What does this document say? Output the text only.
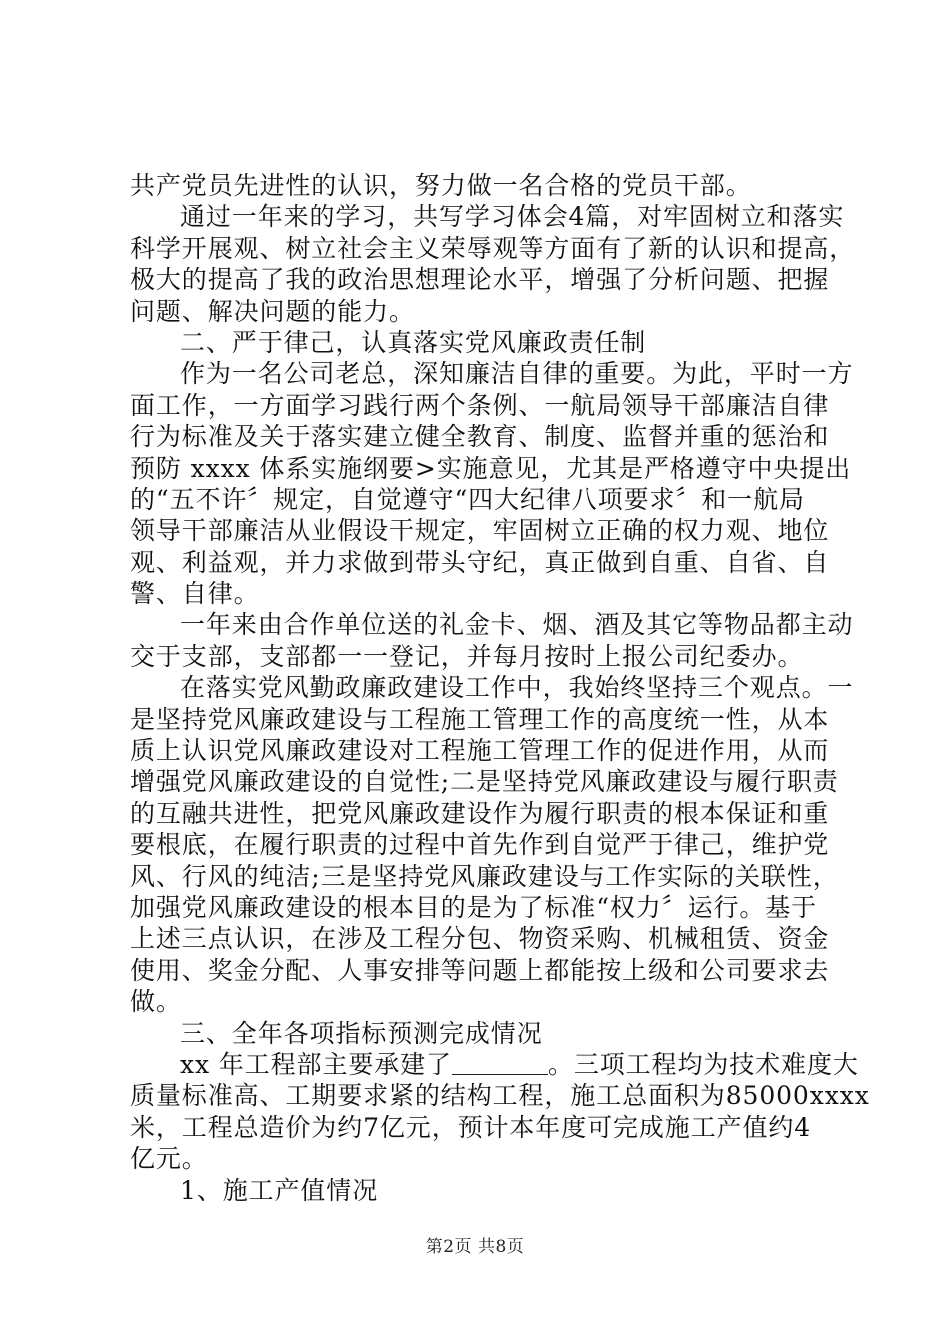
共产党员先进性的认识，努力做一名合格的党员干部。
通过一年来的学习，共写学习体会4篇，对牢固树立和落实
科学开展观、树立社会主义荣辱观等方面有了新的认识和提高，
极大的提高了我的政治思想理论水平，增强了分析问题、把握
问题、解决问题的能力。
二、严于律己，认真落实党风廉政责任制
作为一名公司老总，深知廉洁自律的重要。为此，平时一方
面工作，一方面学习践行两个条例、一航局领导干部廉洁自律
行为标准及关于落实建立健全教育、制度、监督并重的惩治和
预防 xxxx 体系实施纲要>实施意见，尤其是严格遵守中央提出
的“五不许〞规定，自觉遵守“四大纪律八项要求〞和一航局
领导干部廉洁从业假设干规定，牢固树立正确的权力观、地位
观、利益观，并力求做到带头守纪，真正做到自重、自省、自
警、自律。
一年来由合作单位送的礼金卡、烟、酒及其它等物品都主动
交于支部，支部都一一登记，并每月按时上报公司纪委办。
在落实党风勤政廉政建设工作中，我始终坚持三个观点。一
是坚持党风廉政建设与工程施工管理工作的高度统一性，从本
质上认识党风廉政建设对工程施工管理工作的促进作用，从而
增强党风廉政建设的自觉性;二是坚持党风廉政建设与履行职责
的互融共进性，把党风廉政建设作为履行职责的根本保证和重
要根底，在履行职责的过程中首先作到自觉严于律己，维护党
风、行风的纯洁;三是坚持党风廉政建设与工作实际的关联性，
加强党风廉政建设的根本目的是为了标准“权力〞运行。基于
上述三点认识，在涉及工程分包、物资采购、机械租赁、资金
使用、奖金分配、人事安排等问题上都能按上级和公司要求去
做。
三、全年各项指标预测完成情况
xx 年工程部主要承建了	。三项工程均为技术难度大
质量标准高、工期要求紧的结构工程，施工总面积为85000xxxx
米，工程总造价为约7亿元，预计本年度可完成施工产值约4
亿元。
1、施工产值情况
第2页 共8页
